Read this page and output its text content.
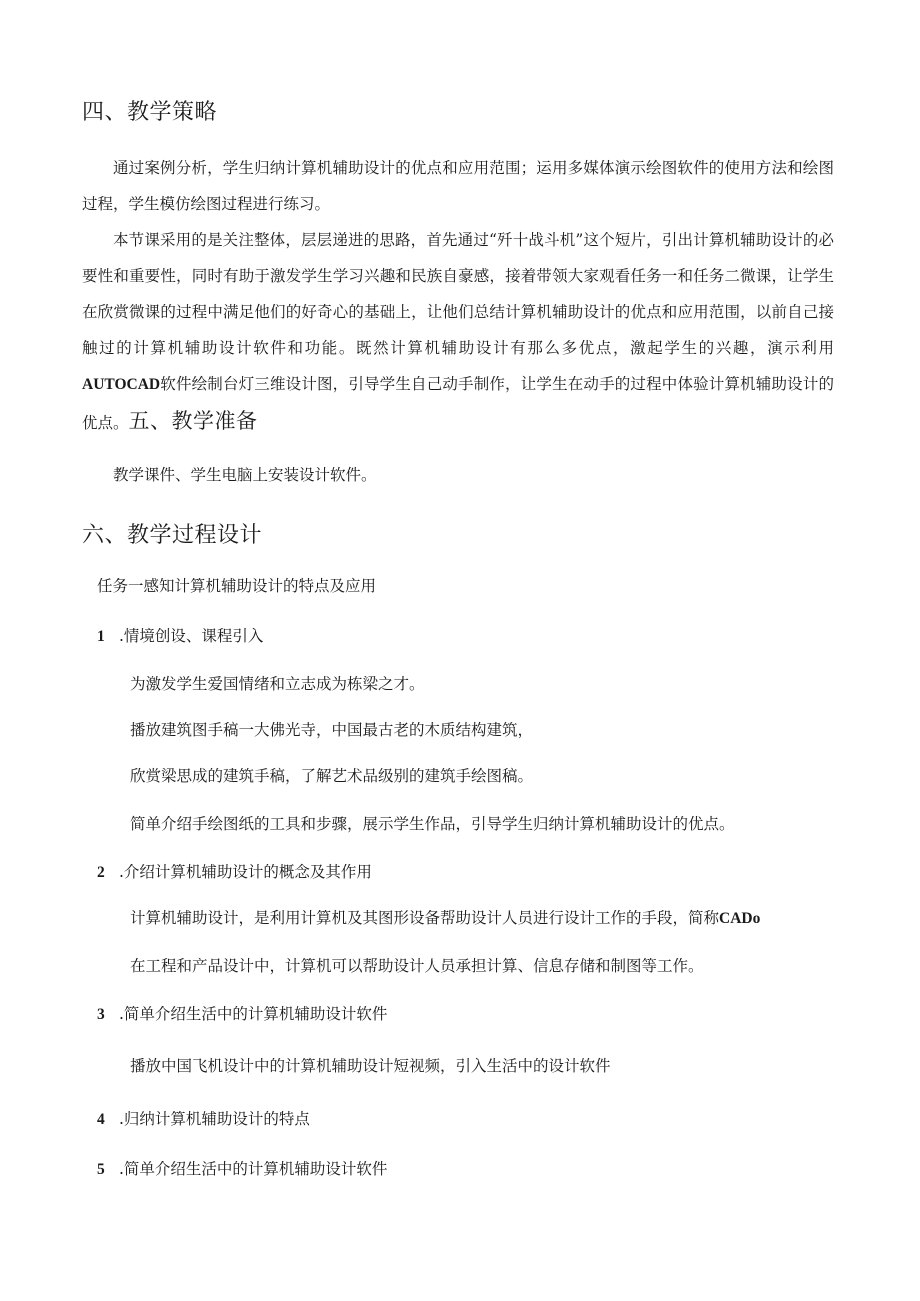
四、教学策略
通过案例分析，学生归纳计算机辅助设计的优点和应用范围；运用多媒体演示绘图软件的使用方法和绘图过程，学生模仿绘图过程进行练习。
本节课采用的是关注整体，层层递进的思路，首先通过“歼十战斗机”这个短片，引出计算机辅助设计的必要性和重要性，同时有助于激发学生学习兴趣和民族自豪感，接着带领大家观看任务一和任务二微课，让学生在欣赏微课的过程中满足他们的好奇心的基础上，让他们总结计算机辅助设计的优点和应用范围，以前自己接触过的计算机辅助设计软件和功能。既然计算机辅助设计有那么多优点，激起学生的兴趣，演示利用AUTOCAD软件绘制台灯三维设计图，引导学生自己动手制作，让学生在动手的过程中体验计算机辅助设计的优点。五、教学准备
教学课件、学生电脑上安装设计软件。
六、教学过程设计
任务一感知计算机辅助设计的特点及应用
1 .情境创设、课程引入
为激发学生爱国情绪和立志成为栋梁之才。
播放建筑图手稿一大佛光寺，中国最古老的木质结构建筑，
欣赏梁思成的建筑手稿，了解艺术品级别的建筑手绘图稿。
简单介绍手绘图纸的工具和步骤，展示学生作品，引导学生归纳计算机辅助设计的优点。
2 .介绍计算机辅助设计的概念及其作用
计算机辅助设计，是利用计算机及其图形设备帮助设计人员进行设计工作的手段，简称CADo
在工程和产品设计中，计算机可以帮助设计人员承担计算、信息存储和制图等工作。
3 .简单介绍生活中的计算机辅助设计软件
播放中国飞机设计中的计算机辅助设计短视频，引入生活中的设计软件
4 .归纳计算机辅助设计的特点
5 .简单介绍生活中的计算机辅助设计软件
